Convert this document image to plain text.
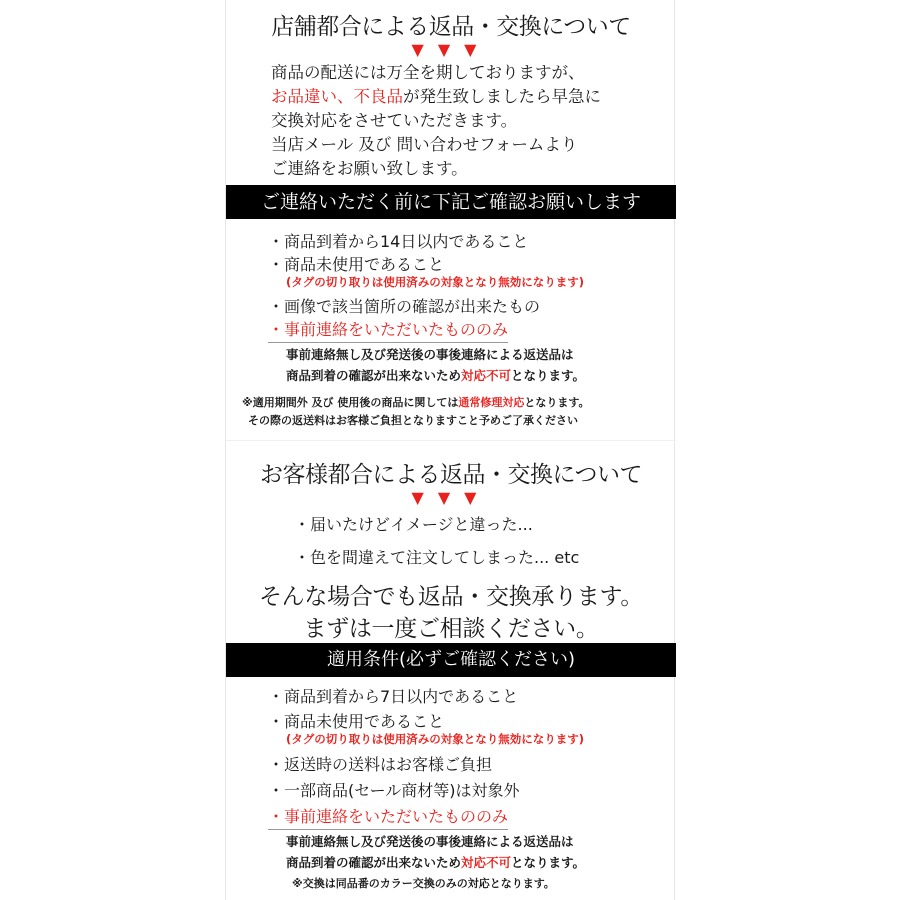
店舗都合による返品・交換について
▼▼▼
商品の配送には万全を期しておりますが、
お品違い、不良品が発生致しましたら早急に
交換対応をさせていただきます。
当店メール 及び 問い合わせフォームより
ご連絡をお願い致します。
ご連絡いただく前に下記ご確認お願いします
・商品到着から14日以内であること
・商品未使用であること
(タグの切り取りは使用済みの対象となり無効になります)
・画像で該当箇所の確認が出来たもの
・事前連絡をいただいたもののみ
事前連絡無し及び発送後の事後連絡による返送品は
商品到着の確認が出来ないため対応不可となります。
※適用期間外 及び 使用後の商品に関しては通常修理対応となります。
その際の返送料はお客様ご負担となりますこと予めご了承ください
お客様都合による返品・交換について
▼▼▼
・届いたけどイメージと違った...
・色を間違えて注文してしまった... etc
そんな場合でも返品・交換承ります。
まずは一度ご相談ください。
適用条件(必ずご確認ください)
・商品到着から7日以内であること
・商品未使用であること
(タグの切り取りは使用済みの対象となり無効になります)
・返送時の送料はお客様ご負担
・一部商品(セール商材等)は対象外
・事前連絡をいただいたもののみ
事前連絡無し及び発送後の事後連絡による返送品は
商品到着の確認が出来ないため対応不可となります。
※交換は同品番のカラー交換のみの対応となります。
